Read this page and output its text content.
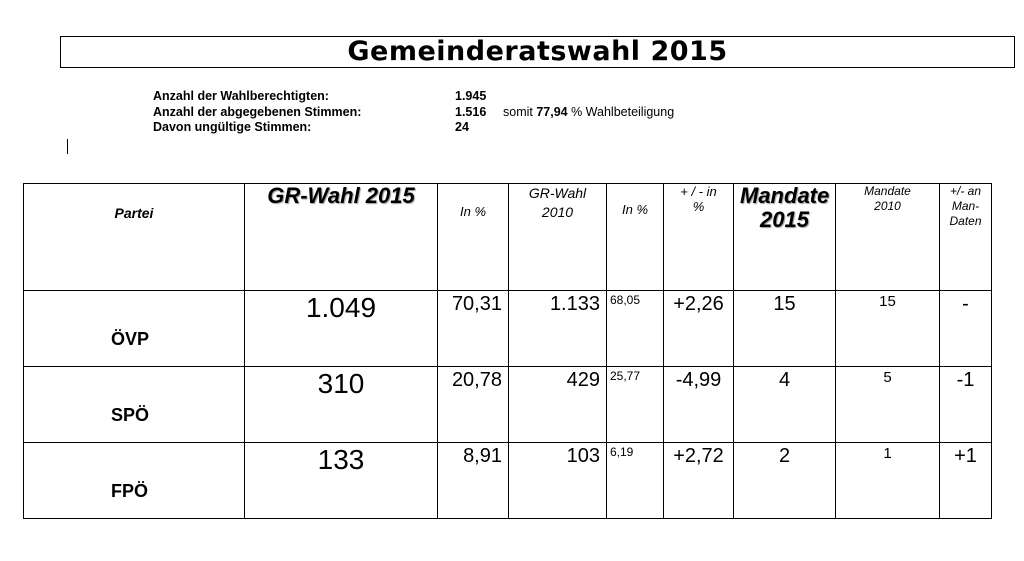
Gemeinderatswahl 2015
Anzahl der Wahlberechtigten:	1.945
Anzahl der abgegebenen Stimmen:	1.516 somit 77,94 % Wahlbeteiligung
Davon ungültige Stimmen:	24
Partei	GR-Wahl 2015	In %	GR-Wahl 2010	In %	+ / - in %	Mandate 2015	Mandate 2010	+/- an Man-Daten

ÖVP	1.049	70,31	1.133	68,05	+2,26	15	15	-

SPÖ	310	20,78	429	25,77	-4,99	4	5	-1

FPÖ	133	8,91	103	6,19	+2,72	2	1	+1
